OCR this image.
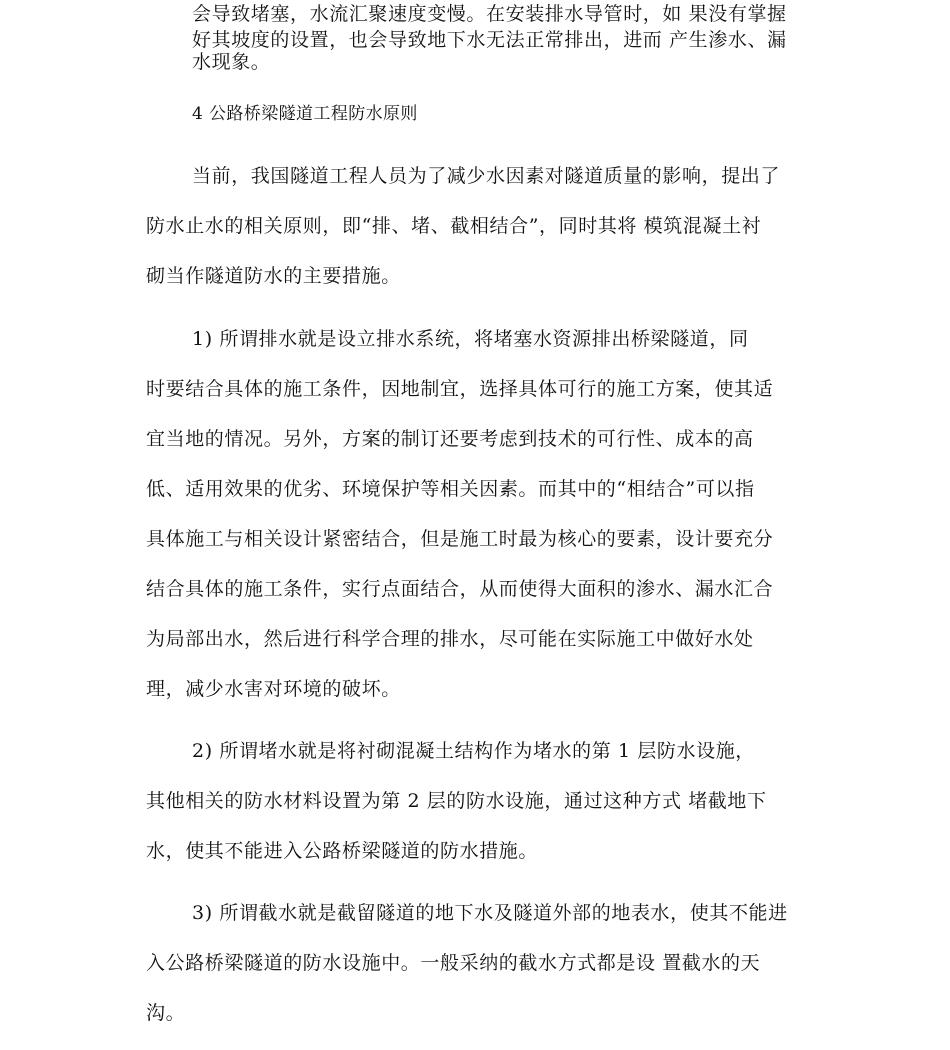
会导致堵塞，水流汇聚速度变慢。在安装排水导管时，如 果没有掌握
好其坡度的设置，也会导致地下水无法正常排出，进而 产生渗水、漏
水现象。
4 公路桥梁隧道工程防水原则
当前，我国隧道工程人员为了减少水因素对隧道质量的影响，提出了
防水止水的相关原则，即“排、堵、截相结合”，同时其将 模筑混凝土衬
砌当作隧道防水的主要措施。
1) 所谓排水就是设立排水系统，将堵塞水资源排出桥梁隧道，同
时要结合具体的施工条件，因地制宜，选择具体可行的施工方案，使其适
宜当地的情况。另外，方案的制订还要考虑到技术的可行性、成本的高
低、适用效果的优劣、环境保护等相关因素。而其中的“相结合”可以指
具体施工与相关设计紧密结合，但是施工时最为核心的要素，设计要充分
结合具体的施工条件，实行点面结合，从而使得大面积的渗水、漏水汇合
为局部出水，然后进行科学合理的排水，尽可能在实际施工中做好水处
理，减少水害对环境的破坏。
2) 所谓堵水就是将衬砌混凝土结构作为堵水的第 1 层防水设施，
其他相关的防水材料设置为第 2 层的防水设施，通过这种方式 堵截地下
水，使其不能进入公路桥梁隧道的防水措施。
3) 所谓截水就是截留隧道的地下水及隧道外部的地表水，使其不能进
入公路桥梁隧道的防水设施中。一般采纳的截水方式都是设 置截水的天
沟。
